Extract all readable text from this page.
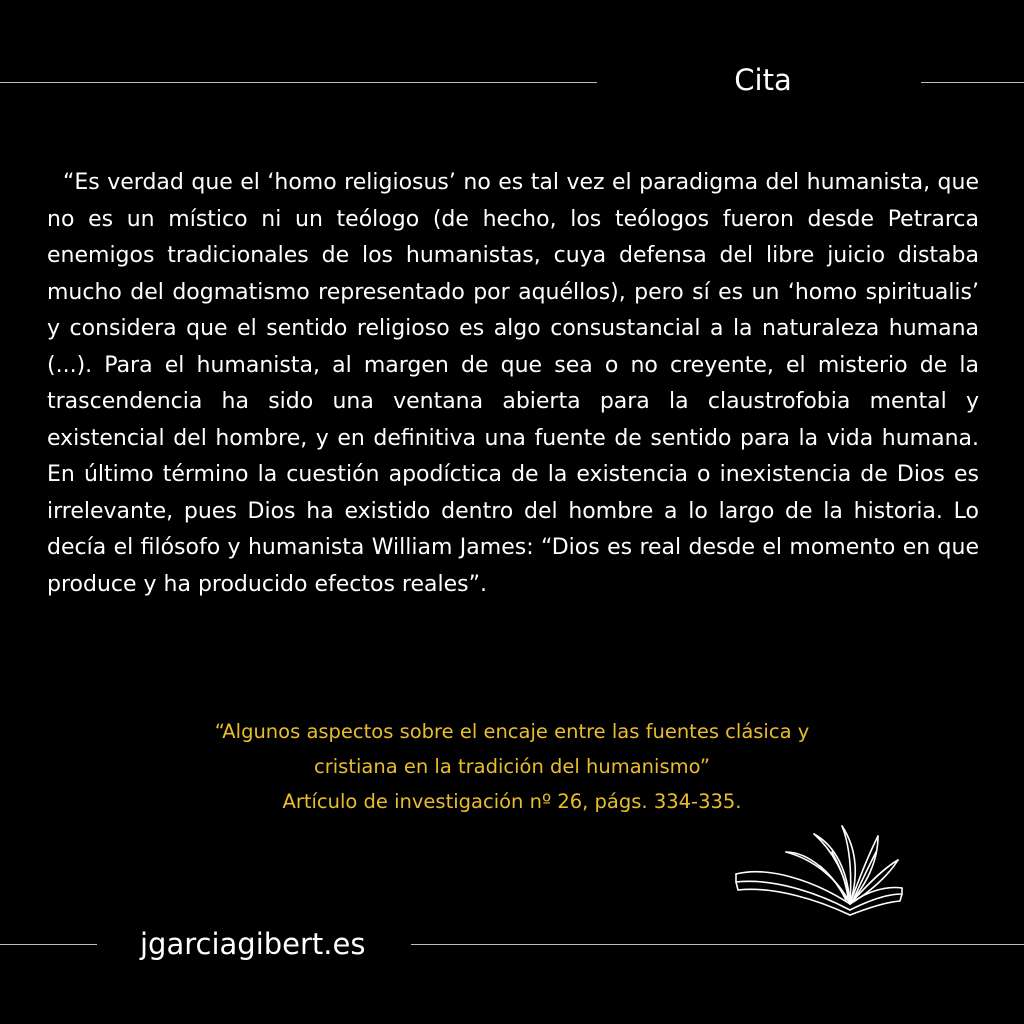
Cita

“Es verdad que el ‘homo religiosus’ no es tal vez el paradigma del humanista, que no es un místico ni un teólogo (de hecho, los teólogos fueron desde Petrarca enemigos tradicionales de los humanistas, cuya defensa del libre juicio distaba mucho del dogmatismo representado por aquéllos), pero sí es un ‘homo spiritualis’ y considera que el sentido religioso es algo consustancial a la naturaleza humana (...). Para el humanista, al margen de que sea o no creyente, el misterio de la trascendencia ha sido una ventana abierta para la claustrofobia mental y existencial del hombre, y en definitiva una fuente de sentido para la vida humana. En último término la cuestión apodíctica de la existencia o inexistencia de Dios es irrelevante, pues Dios ha existido dentro del hombre a lo largo de la historia. Lo decía el filósofo y humanista William James: “Dios es real desde el momento en que produce y ha producido efectos reales”.

“Algunos aspectos sobre el encaje entre las fuentes clásica y
cristiana en la tradición del humanismo”
Artículo de investigación nº 26, págs. 334-335.
jgarciagibert.es
